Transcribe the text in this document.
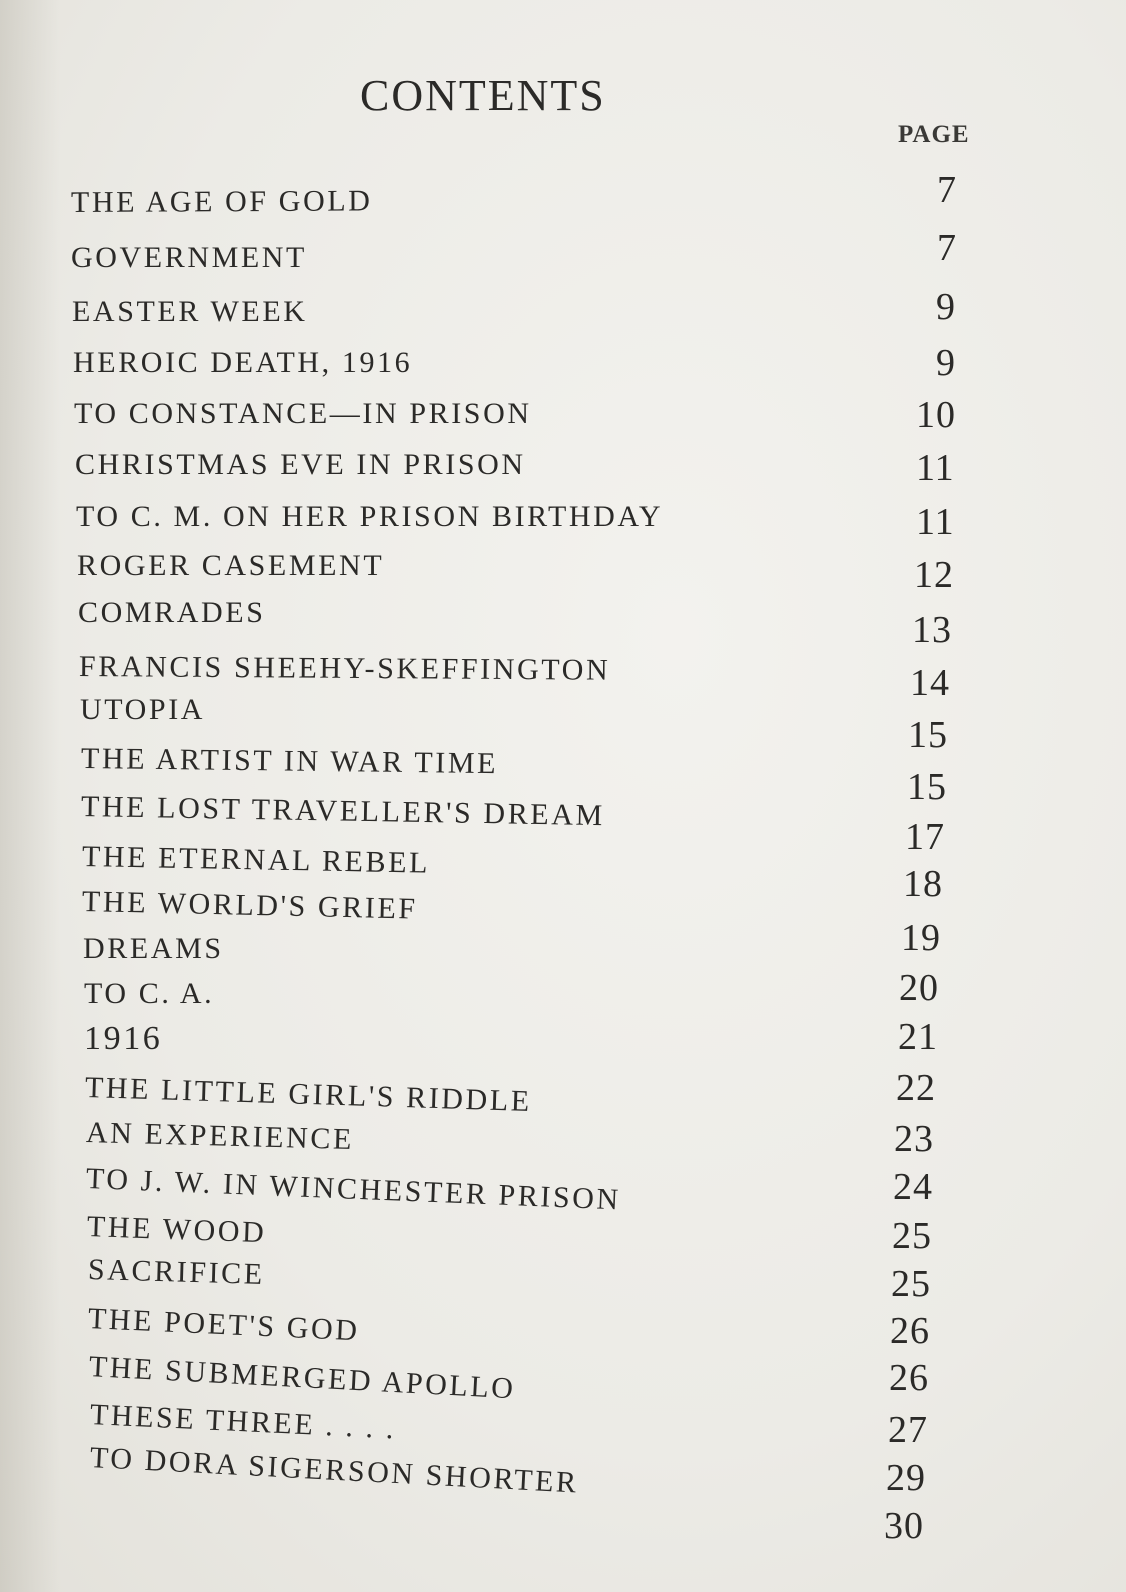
CONTENTS
PAGE
THE AGE OF GOLD
GOVERNMENT
EASTER WEEK
HEROIC DEATH, 1916
TO CONSTANCE—IN PRISON
CHRISTMAS EVE IN PRISON
TO C. M. ON HER PRISON BIRTHDAY
ROGER CASEMENT
COMRADES
FRANCIS SHEEHY-SKEFFINGTON
UTOPIA
THE ARTIST IN WAR TIME
THE LOST TRAVELLER'S DREAM
THE ETERNAL REBEL
THE WORLD'S GRIEF
DREAMS
TO C. A.
1916
THE LITTLE GIRL'S RIDDLE
AN EXPERIENCE
TO J. W. IN WINCHESTER PRISON
THE WOOD
SACRIFICE
THE POET'S GOD
THE SUBMERGED APOLLO
THESE THREE . . . .
TO DORA SIGERSON SHORTER
7
7
9
9
10
11
11
12
13
14
15
15
17
18
19
20
21
22
23
24
25
25
26
26
27
29
30
